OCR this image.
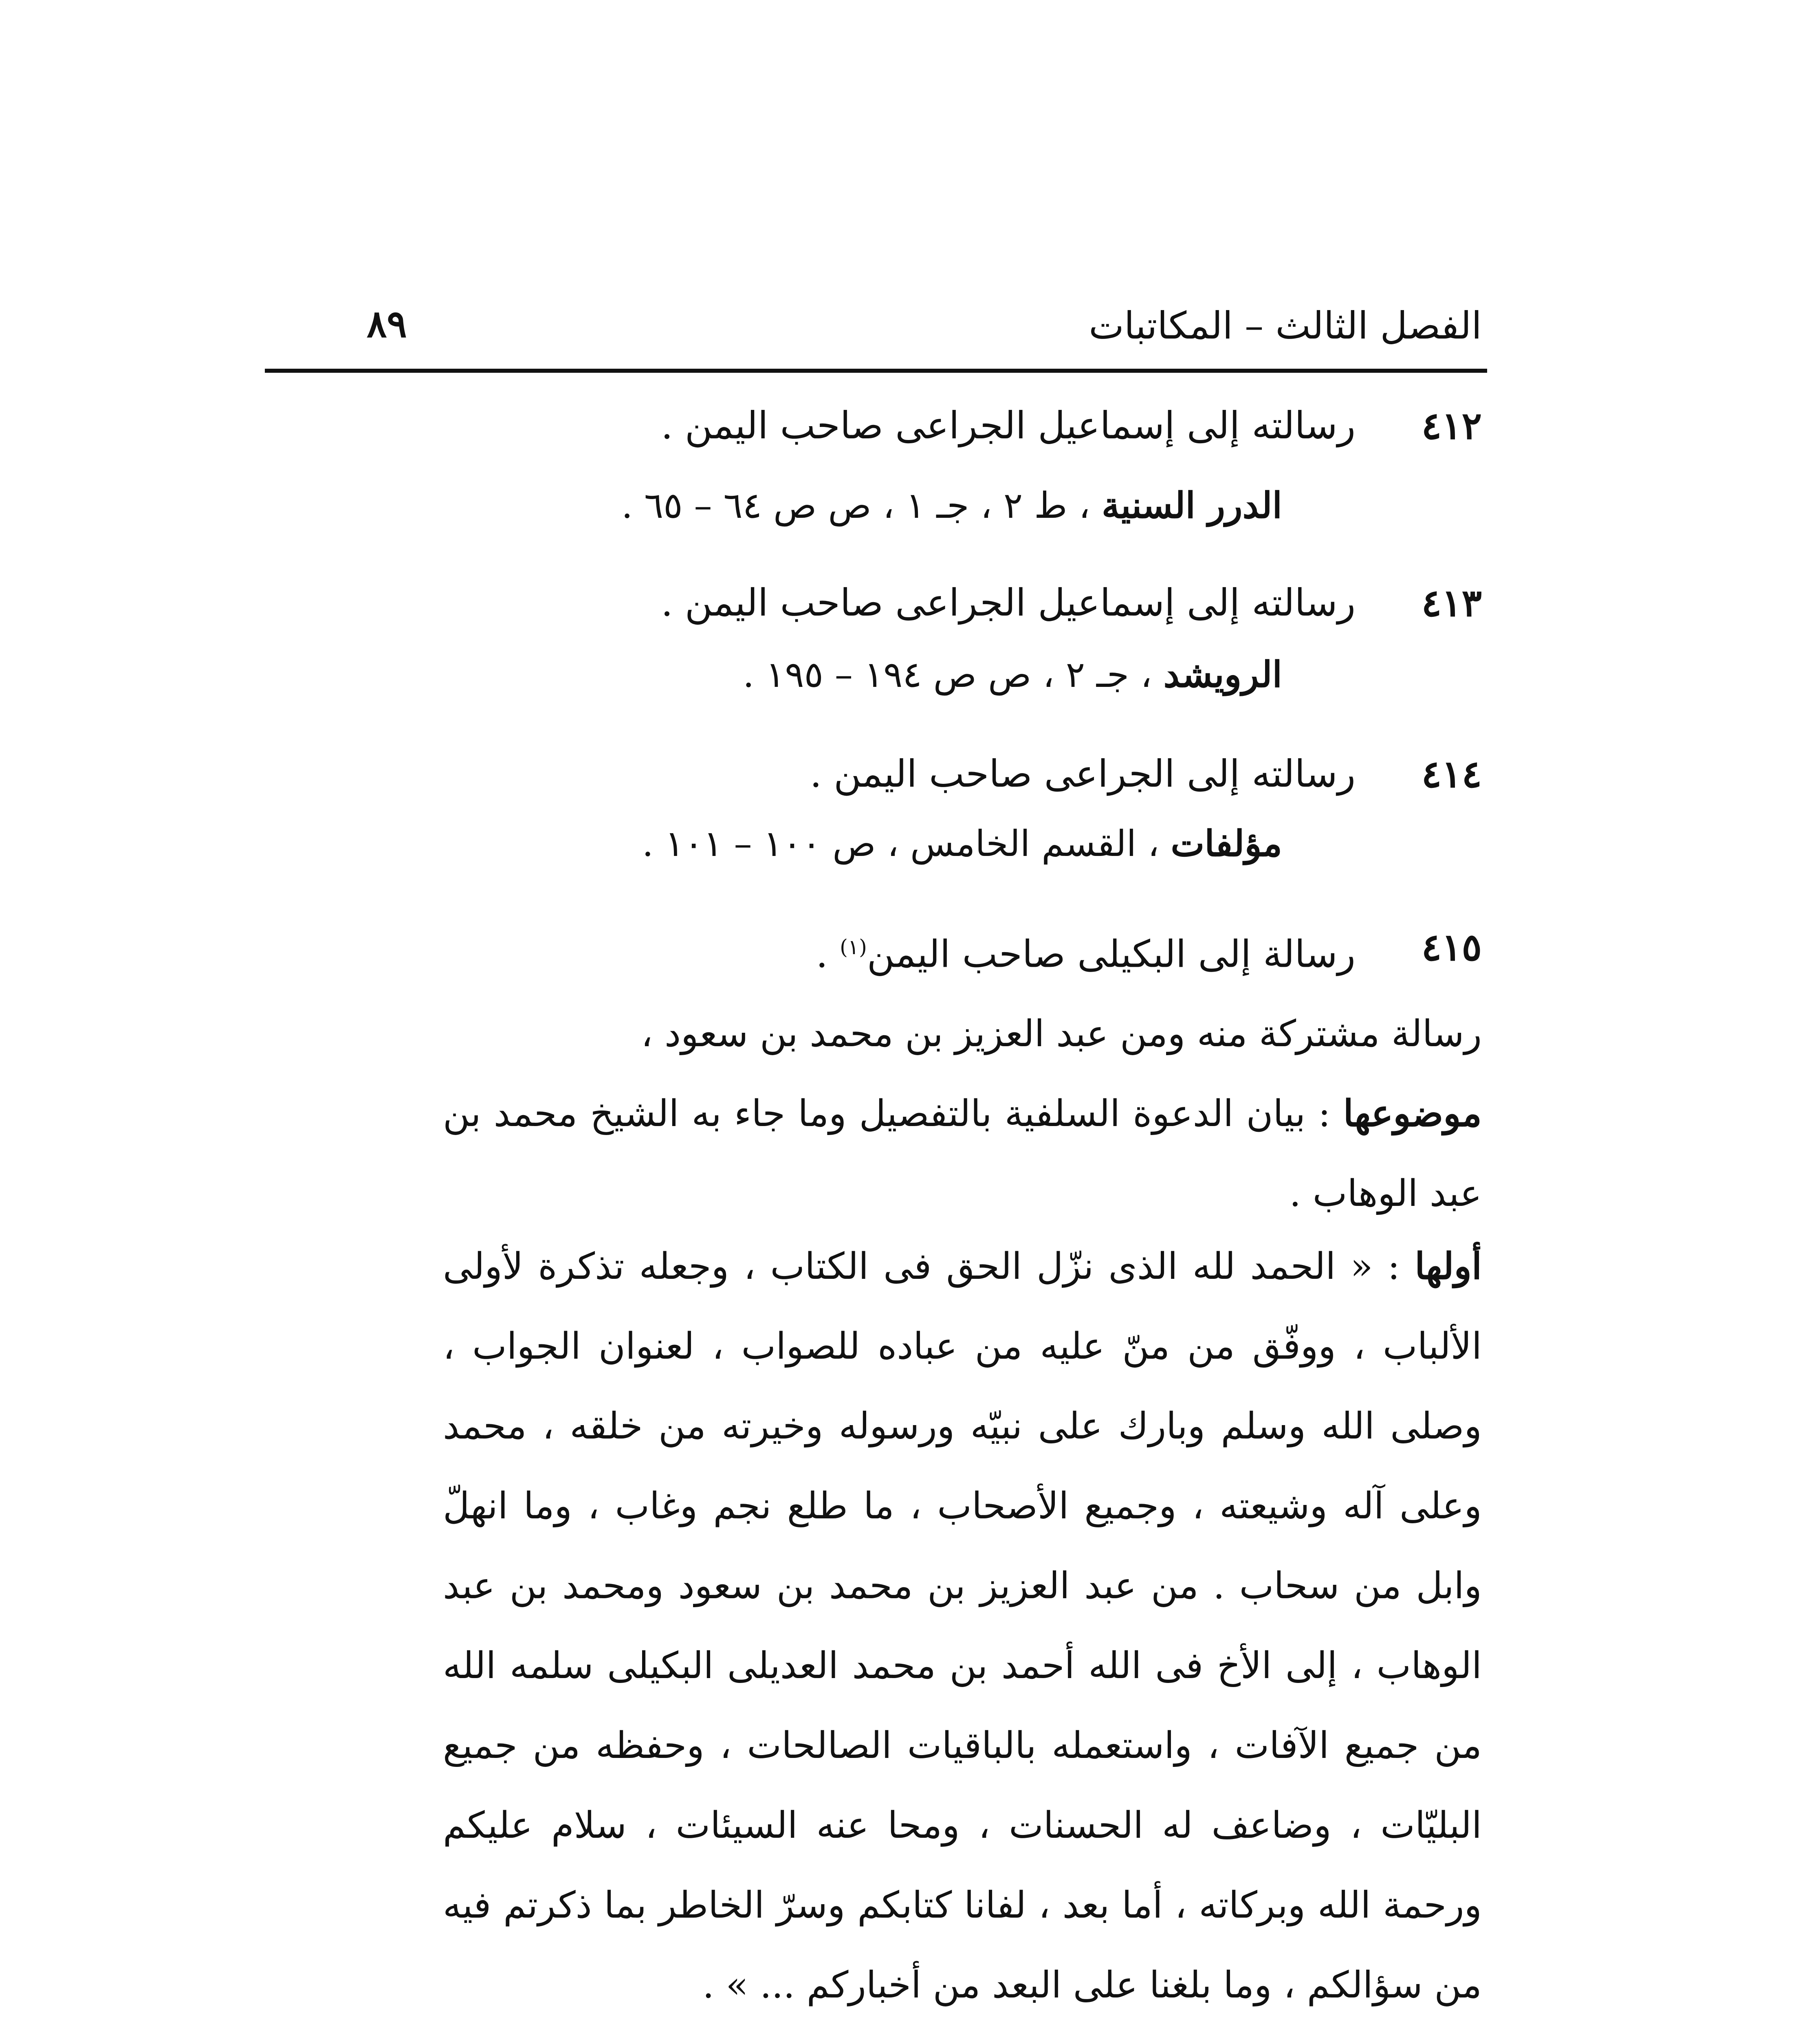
الفصل الثالث – المكاتبات
٨٩
٤١٢
رسالته إلى إسماعيل الجراعى صاحب اليمن .
الدرر السنية ، ط ٢ ، جـ ١ ، ص ص ٦٤ – ٦٥ .
٤١٣
رسالته إلى إسماعيل الجراعى صاحب اليمن .
الرويشد ، جـ ٢ ، ص ص ١٩٤ – ١٩٥ .
٤١٤
رسالته إلى الجراعى صاحب اليمن .
مؤلفات ، القسم الخامس ، ص ١٠٠ – ١٠١ .
٤١٥
رسالة إلى البكيلى صاحب اليمن$^{(١)}$ .
رسالة مشتركة منه ومن عبد العزيز بن محمد بن سعود ،
موضوعها : بيان الدعوة السلفية بالتفصيل وما جاء به الشيخ محمد بن عبد الوهاب .
أولها : « الحمد لله الذى نزّل الحق فى الكتاب ، وجعله تذكرة لأولى الألباب ، ووفّق من منّ عليه من عباده للصواب ، لعنوان الجواب ، وصلى الله وسلم وبارك على نبيّه ورسوله وخيرته من خلقه ، محمد وعلى آله وشيعته ، وجميع الأصحاب ، ما طلع نجم وغاب ، وما انهلّ وابل من سحاب . من عبد العزيز بن محمد بن سعود ومحمد بن عبد الوهاب ، إلى الأخ فى الله أحمد بن محمد العديلى البكيلى سلمه الله من جميع الآفات ، واستعمله بالباقيات الصالحات ، وحفظه من جميع البليّات ، وضاعف له الحسنات ، ومحا عنه السيئات ، سلام عليكم ورحمة الله وبركاته ، أما بعد ، لفانا كتابكم وسرّ الخاطر بما ذكرتم فيه من سؤالكم ، وما بلغنا على البعد من أخباركم ... » .
